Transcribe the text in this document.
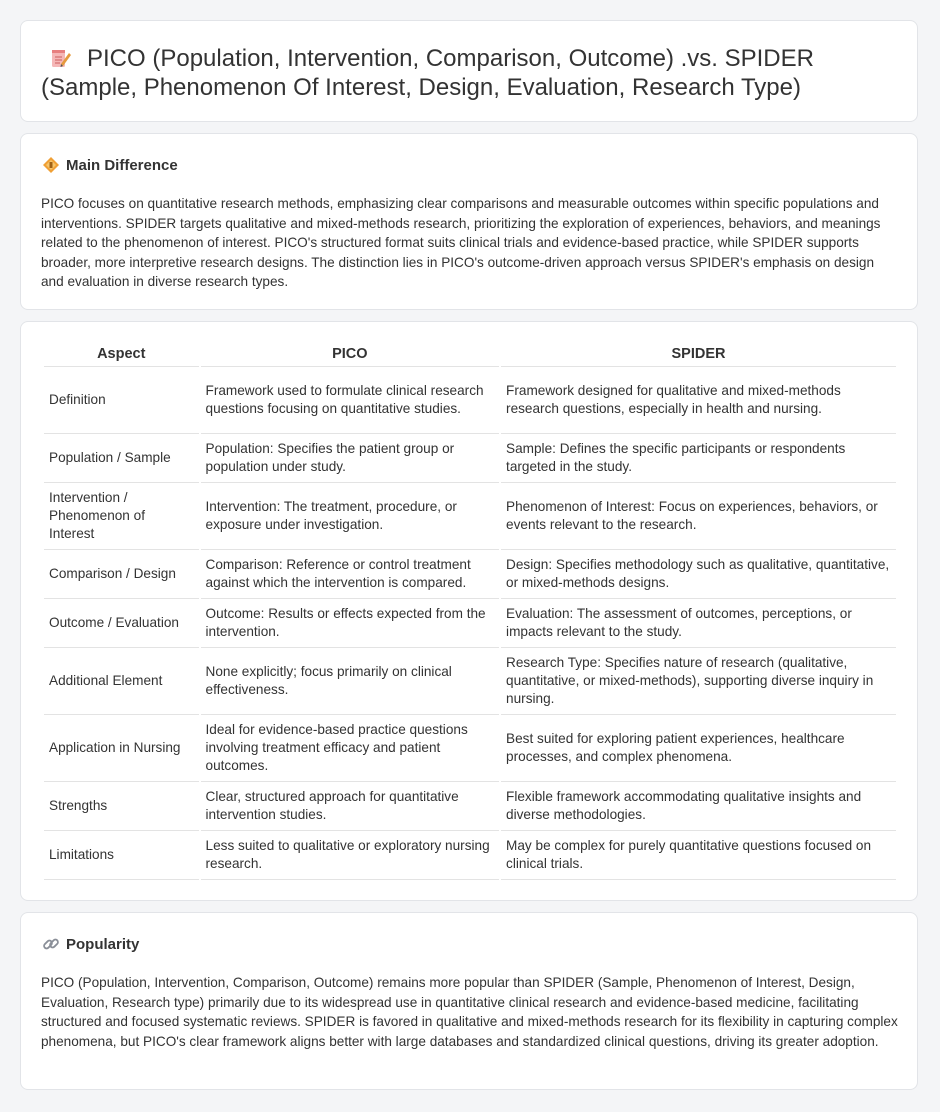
PICO (Population, Intervention, Comparison, Outcome) .vs. SPIDER (Sample, Phenomenon Of Interest, Design, Evaluation, Research Type)
Main Difference

PICO focuses on quantitative research methods, emphasizing clear comparisons and measurable outcomes within specific populations and interventions. SPIDER targets qualitative and mixed-methods research, prioritizing the exploration of experiences, behaviors, and meanings related to the phenomenon of interest. PICO's structured format suits clinical trials and evidence-based practice, while SPIDER supports broader, more interpretive research designs. The distinction lies in PICO's outcome-driven approach versus SPIDER's emphasis on design and evaluation in diverse research types.

Aspect	PICO	SPIDER
Definition	Framework used to formulate clinical research questions focusing on quantitative studies.	Framework designed for qualitative and mixed-methods research questions, especially in health and nursing.
Population / Sample	Population: Specifies the patient group or population under study.	Sample: Defines the specific participants or respondents targeted in the study.
Intervention / Phenomenon of Interest	Intervention: The treatment, procedure, or exposure under investigation.	Phenomenon of Interest: Focus on experiences, behaviors, or events relevant to the research.
Comparison / Design	Comparison: Reference or control treatment against which the intervention is compared.	Design: Specifies methodology such as qualitative, quantitative, or mixed-methods designs.
Outcome / Evaluation	Outcome: Results or effects expected from the intervention.	Evaluation: The assessment of outcomes, perceptions, or impacts relevant to the study.
Additional Element	None explicitly; focus primarily on clinical effectiveness.	Research Type: Specifies nature of research (qualitative, quantitative, or mixed-methods), supporting diverse inquiry in nursing.
Application in Nursing	Ideal for evidence-based practice questions involving treatment efficacy and patient outcomes.	Best suited for exploring patient experiences, healthcare processes, and complex phenomena.
Strengths	Clear, structured approach for quantitative intervention studies.	Flexible framework accommodating qualitative insights and diverse methodologies.
Limitations	Less suited to qualitative or exploratory nursing research.	May be complex for purely quantitative questions focused on clinical trials.
Popularity

PICO (Population, Intervention, Comparison, Outcome) remains more popular than SPIDER (Sample, Phenomenon of Interest, Design, Evaluation, Research type) primarily due to its widespread use in quantitative clinical research and evidence-based medicine, facilitating structured and focused systematic reviews. SPIDER is favored in qualitative and mixed-methods research for its flexibility in capturing complex phenomena, but PICO's clear framework aligns better with large databases and standardized clinical questions, driving its greater adoption.
